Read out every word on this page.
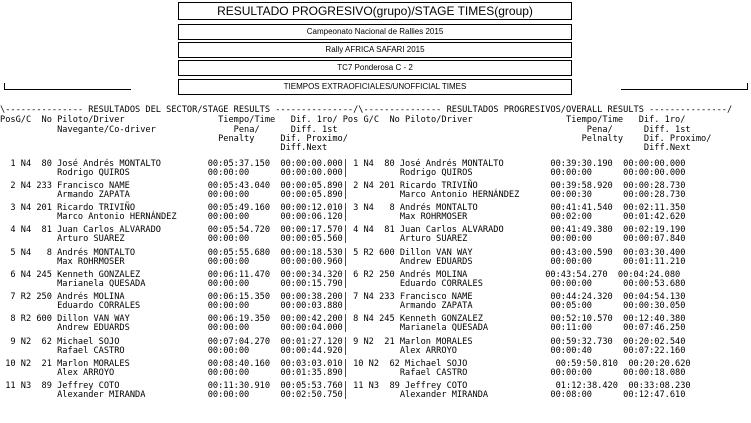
RESULTADO PROGRESIVO(grupo)/STAGE TIMES(group)
Campeonato Nacional de Rallies 2015
Rally AFRICA SAFARI 2015
TC7 Ponderosa C - 2
TIEMPOS EXTRAOFICIALES/UNOFFICIAL TIMES
\--------------- RESULTADOS DEL SECTOR/STAGE RESULTS ---------------/\--------------- RESULTADOS PROGRESIVOS/OVERALL RESULTS ---------------/
PosG/C  No Piloto/Driver                  Tiempo/Time   Dif. 1ro/ Pos G/C  No Piloto/Driver                  Tiempo/Time   Dif. 1ro/
Navegante/Co-driver               Pena/      Diff. 1st                                                Pena/      Diff. 1st
Penalty     Dif. Proximo/                                             Pelnalty    Dif. Proximo/
Diff.Next                                                             Diff.Next
1 N4  80 José Andrés MONTALTO         00:05:37.150  00:00:00.000| 1 N4  80 José Andrés MONTALTO         00:39:30.190  00:00:00.000
Rodrigo QUIROS               00:00:00      00:00:00.000|          Rodrigo QUIROS               00:00:00      00:00:00.000
2 N4 233 Francisco NAME               00:05:43.040  00:00:05.890| 2 N4 201 Ricardo TRIVIÑO              00:39:58.920  00:00:28.730
Armando ZAPATA               00:00:00      00:00:05.890|          Marco Antonio HERNÁNDEZ      00:00:30      00:00:28.730
3 N4 201 Ricardo TRIVIÑO              00:05:49.160  00:00:12.010| 3 N4   8 Andrés MONTALTO              00:41:41.540  00:02:11.350
Marco Antonio HERNÁNDEZ      00:00:00      00:00:06.120|          Max ROHRMOSER                00:02:00      00:01:42.620
4 N4  81 Juan Carlos ALVARADO         00:05:54.720  00:00:17.570| 4 N4  81 Juan Carlos ALVARADO         00:41:49.380  00:02:19.190
Arturo SUAREZ                00:00:00      00:00:05.560|          Arturo SUAREZ                00:00:00      00:00:07.840
5 N4   8 Andrés MONTALTO              00:05:55.680  00:00:18.530| 5 R2 600 Dillon VAN WAY               00:43:00.590  00:03:30.400
Max ROHRMOSER                00:00:00      00:00:00.960|          Andrew EDUARDS               00:00:00      00:01:11.210
6 N4 245 Kenneth GONZALEZ             00:06:11.470  00:00:34.320| 6 R2 250 Andrés MOLINA               00:43:54.270  00:04:24.080
Marianela QUESADA            00:00:00      00:00:15.790|          Eduardo CORRALES             00:00:00      00:00:53.680
7 R2 250 Andrés MOLINA                00:06:15.350  00:00:38.200| 7 N4 233 Francisco NAME               00:44:24.320  00:04:54.130
Eduardo CORRALES             00:00:00      00:00:03.880|          Armando ZAPATA               00:05:00      00:00:30.050
8 R2 600 Dillon VAN WAY               00:06:19.350  00:00:42.200| 8 N4 245 Kenneth GONZALEZ             00:52:10.570  00:12:40.380
Andrew EDUARDS               00:00:00      00:00:04.000|          Marianela QUESADA            00:11:00      00:07:46.250
9 N2  62 Michael SOJO                 00:07:04.270  00:01:27.120| 9 N2  21 Marlon MORALES               00:59:32.730  00:20:02.540
Rafael CASTRO                00:00:00      00:00:44.920|          Alex ARROYO                  00:00:40      00:07:22.160
10 N2  21 Marlon MORALES               00:08:40.160  00:03:03.010| 10 N2  62 Michael SOJO                 00:59:50.810  00:20:20.620
Alex ARROYO                  00:00:00      00:01:35.890|          Rafael CASTRO                00:00:00      00:00:18.080
11 N3  89 Jeffrey COTO                 00:11:30.910  00:05:53.760| 11 N3  89 Jeffrey COTO                 01:12:38.420  00:33:08.230
Alexander MIRANDA            00:00:00      00:02:50.750|          Alexander MIRANDA            00:08:00      00:12:47.610
